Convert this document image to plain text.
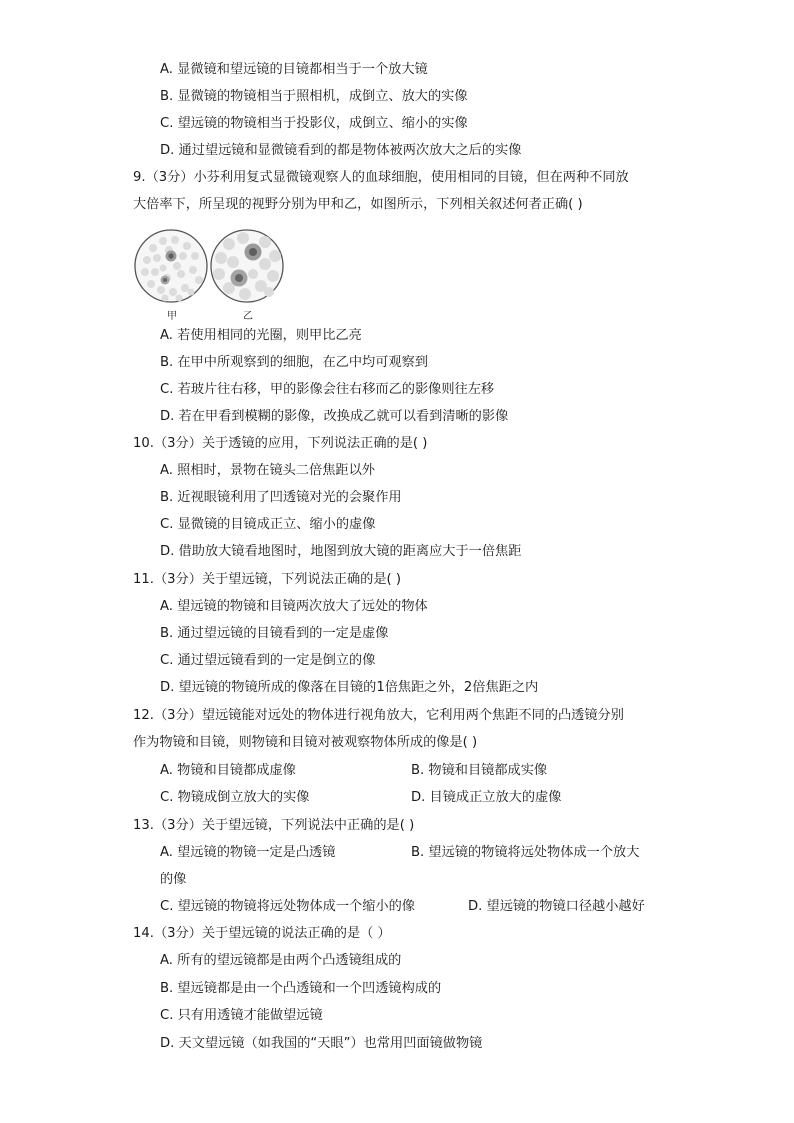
A. 显微镜和望远镜的目镜都相当于一个放大镜
B. 显微镜的物镜相当于照相机，成倒立、放大的实像
C. 望远镜的物镜相当于投影仪，成倒立、缩小的实像
D. 通过望远镜和显微镜看到的都是物体被两次放大之后的实像
9.（3分）小芬利用复式显微镜观察人的血球细胞，使用相同的目镜，但在两种不同放
大倍率下，所呈现的视野分别为甲和乙，如图所示，下列相关叙述何者正确( )
甲	乙
A. 若使用相同的光圈，则甲比乙亮
B. 在甲中所观察到的细胞，在乙中均可观察到
C. 若玻片往右移，甲的影像会往右移而乙的影像则往左移
D. 若在甲看到模糊的影像，改换成乙就可以看到清晰的影像
10.（3分）关于透镜的应用，下列说法正确的是( )
A. 照相时，景物在镜头二倍焦距以外
B. 近视眼镜利用了凹透镜对光的会聚作用
C. 显微镜的目镜成正立、缩小的虚像
D. 借助放大镜看地图时，地图到放大镜的距离应大于一倍焦距
11.（3分）关于望远镜，下列说法正确的是( )
A. 望远镜的物镜和目镜两次放大了远处的物体
B. 通过望远镜的目镜看到的一定是虚像
C. 通过望远镜看到的一定是倒立的像
D. 望远镜的物镜所成的像落在目镜的1倍焦距之外，2倍焦距之内
12.（3分）望远镜能对远处的物体进行视角放大，它利用两个焦距不同的凸透镜分别
作为物镜和目镜，则物镜和目镜对被观察物体所成的像是( )
A. 物镜和目镜都成虚像	B. 物镜和目镜都成实像
C. 物镜成倒立放大的实像	D. 目镜成正立放大的虚像
13.（3分）关于望远镜，下列说法中正确的是( )
A. 望远镜的物镜一定是凸透镜	B. 望远镜的物镜将远处物体成一个放大
的像
C. 望远镜的物镜将远处物体成一个缩小的像	D. 望远镜的物镜口径越小越好
14.（3分）关于望远镜的说法正确的是（ ）
A. 所有的望远镜都是由两个凸透镜组成的
B. 望远镜都是由一个凸透镜和一个凹透镜构成的
C. 只有用透镜才能做望远镜
D. 天文望远镜（如我国的“天眼”）也常用凹面镜做物镜
